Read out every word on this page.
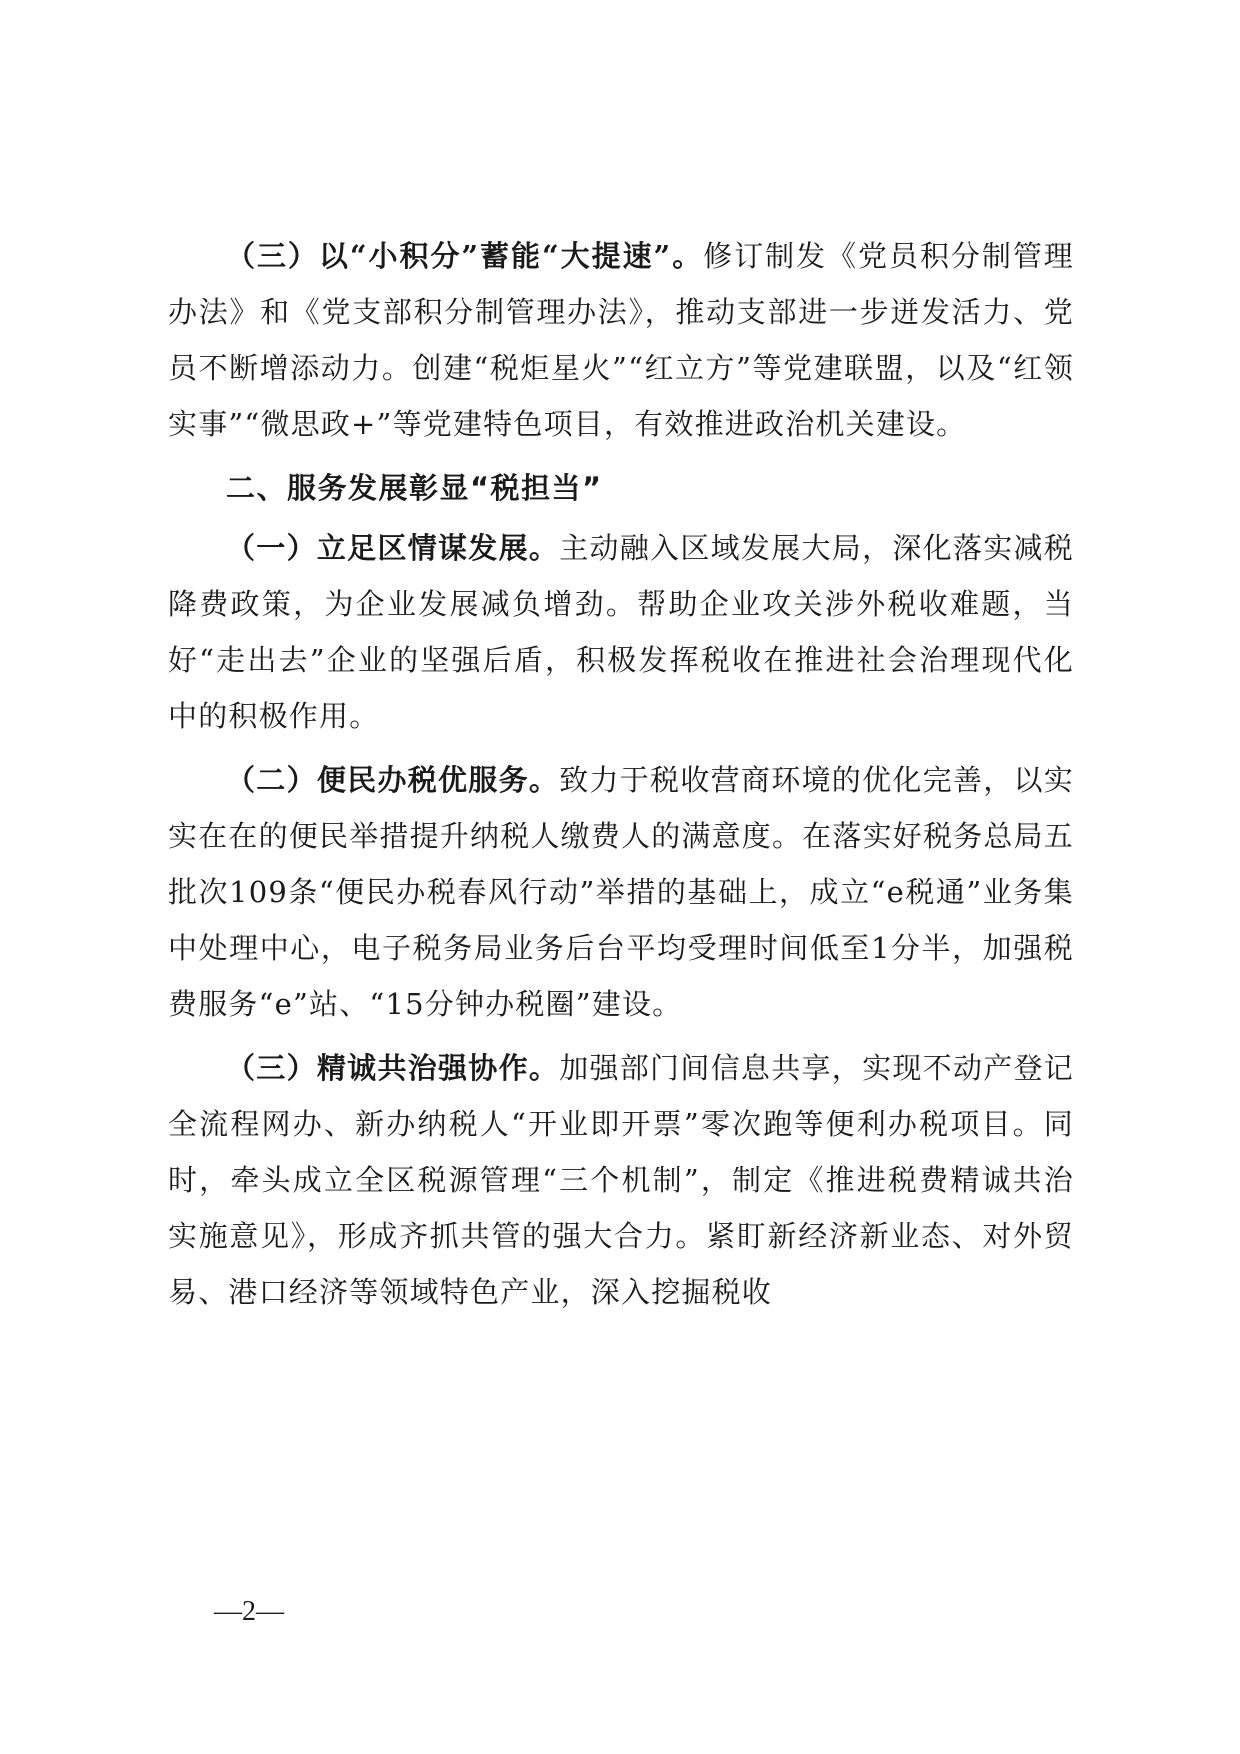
（三）以“小积分”蓄能“大提速”。修订制发《党员积分制管理办法》和《党支部积分制管理办法》，推动支部进一步迸发活力、党员不断增添动力。创建“税炬星火”“红立方”等党建联盟，以及“红领实事”“微思政+”等党建特色项目，有效推进政治机关建设。

二、服务发展彰显“税担当”

（一）立足区情谋发展。主动融入区域发展大局，深化落实减税降费政策，为企业发展减负增劲。帮助企业攻关涉外税收难题，当好“走出去”企业的坚强后盾，积极发挥税收在推进社会治理现代化中的积极作用。

（二）便民办税优服务。致力于税收营商环境的优化完善，以实实在在的便民举措提升纳税人缴费人的满意度。在落实好税务总局五批次109条“便民办税春风行动”举措的基础上，成立“e税通”业务集中处理中心，电子税务局业务后台平均受理时间低至1分半，加强税费服务“e”站、“15分钟办税圈”建设。

（三）精诚共治强协作。加强部门间信息共享，实现不动产登记全流程网办、新办纳税人“开业即开票”零次跑等便利办税项目。同时，牵头成立全区税源管理“三个机制”，制定《推进税费精诚共治实施意见》，形成齐抓共管的强大合力。紧盯新经济新业态、对外贸易、港口经济等领域特色产业，深入挖掘税收

—2—
